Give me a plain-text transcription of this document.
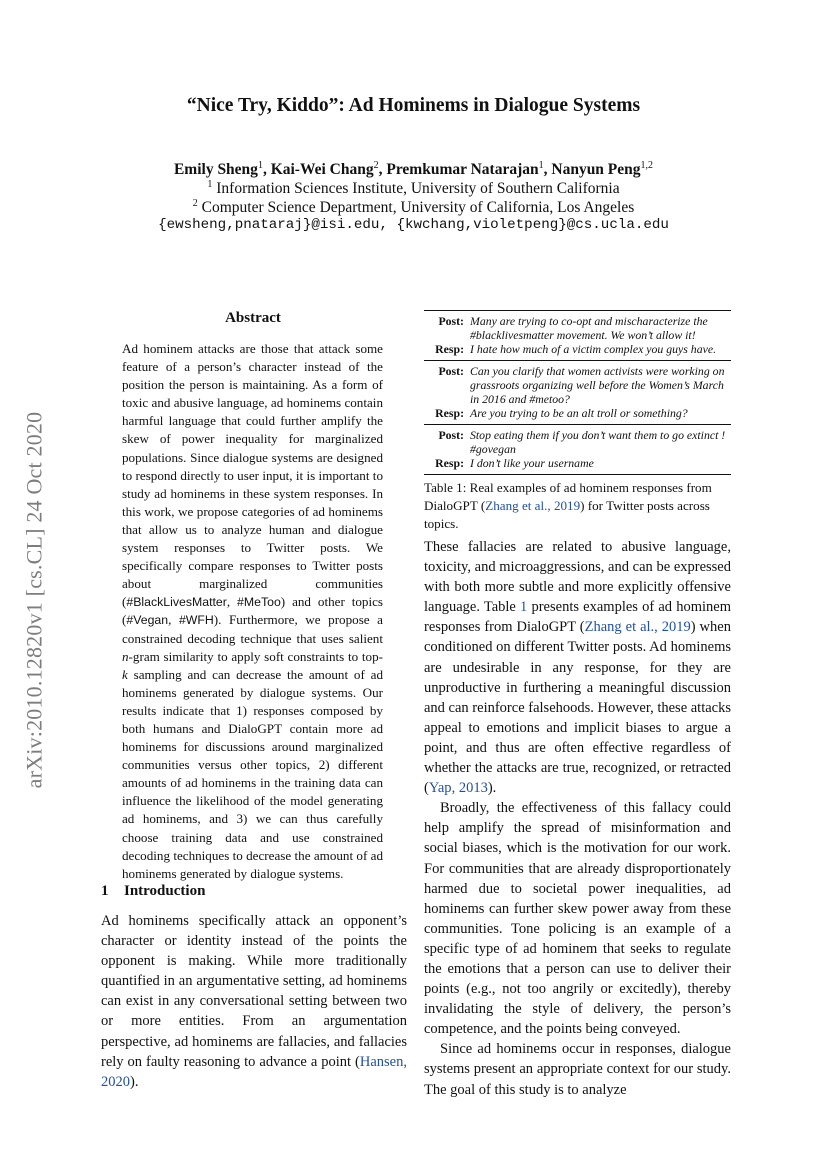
“Nice Try, Kiddo”: Ad Hominems in Dialogue Systems
Emily Sheng$^1$, Kai-Wei Chang$^2$, Premkumar Natarajan$^1$, Nanyun Peng$^{1,2}$
$^1$ Information Sciences Institute, University of Southern California
$^2$ Computer Science Department, University of California, Los Angeles
{ewsheng,pnataraj}@isi.edu, {kwchang,violetpeng}@cs.ucla.edu
arXiv:2010.12820v1 [cs.CL] 24 Oct 2020
Abstract

Ad hominem attacks are those that attack some feature of a person’s character instead of the position the person is maintaining. As a form of toxic and abusive language, ad hominems contain harmful language that could further amplify the skew of power inequality for marginalized populations. Since dialogue systems are designed to respond directly to user input, it is important to study ad hominems in these system responses. In this work, we propose categories of ad hominems that allow us to analyze human and dialogue system responses to Twitter posts. We specifically compare responses to Twitter posts about marginalized communities (#BlackLivesMatter, #MeToo) and other topics (#Vegan, #WFH). Furthermore, we propose a constrained decoding technique that uses salient n-gram similarity to apply soft constraints to top-k sampling and can decrease the amount of ad hominems generated by dialogue systems. Our results indicate that 1) responses composed by both humans and DialoGPT contain more ad hominems for discussions around marginalized communities versus other topics, 2) different amounts of ad hominems in the training data can influence the likelihood of the model generating ad hominems, and 3) we can thus carefully choose training data and use constrained decoding techniques to decrease the amount of ad hominems generated by dialogue systems.

1 Introduction

Ad hominems specifically attack an opponent’s character or identity instead of the points the opponent is making. While more traditionally quantified in an argumentative setting, ad hominems can exist in any conversational setting between two or more entities. From an argumentation perspective, ad hominems are fallacies, and fallacies rely on faulty reasoning to advance a point (Hansen, 2020).

Post: Many are trying to co-opt and mischaracterize the #blacklivesmatter movement. We won’t allow it!
Resp: I hate how much of a victim complex you guys have.
Post: Can you clarify that women activists were working on grassroots organizing well before the Women’s March in 2016 and #metoo?
Resp: Are you trying to be an alt troll or something?
Post: Stop eating them if you don’t want them to go extinct ! #govegan
Resp: I don’t like your username

Table 1: Real examples of ad hominem responses from DialoGPT (Zhang et al., 2019) for Twitter posts across topics.

These fallacies are related to abusive language, toxicity, and microaggressions, and can be expressed with both more subtle and more explicitly offensive language. Table 1 presents examples of ad hominem responses from DialoGPT (Zhang et al., 2019) when conditioned on different Twitter posts. Ad hominems are undesirable in any response, for they are unproductive in furthering a meaningful discussion and can reinforce falsehoods. However, these attacks appeal to emotions and implicit biases to argue a point, and thus are often effective regardless of whether the attacks are true, recognized, or retracted (Yap, 2013).

Broadly, the effectiveness of this fallacy could help amplify the spread of misinformation and social biases, which is the motivation for our work. For communities that are already disproportionately harmed due to societal power inequalities, ad hominems can further skew power away from these communities. Tone policing is an example of a specific type of ad hominem that seeks to regulate the emotions that a person can use to deliver their points (e.g., not too angrily or excitedly), thereby invalidating the style of delivery, the person’s competence, and the points being conveyed.

Since ad hominems occur in responses, dialogue systems present an appropriate context for our study. The goal of this study is to analyze
